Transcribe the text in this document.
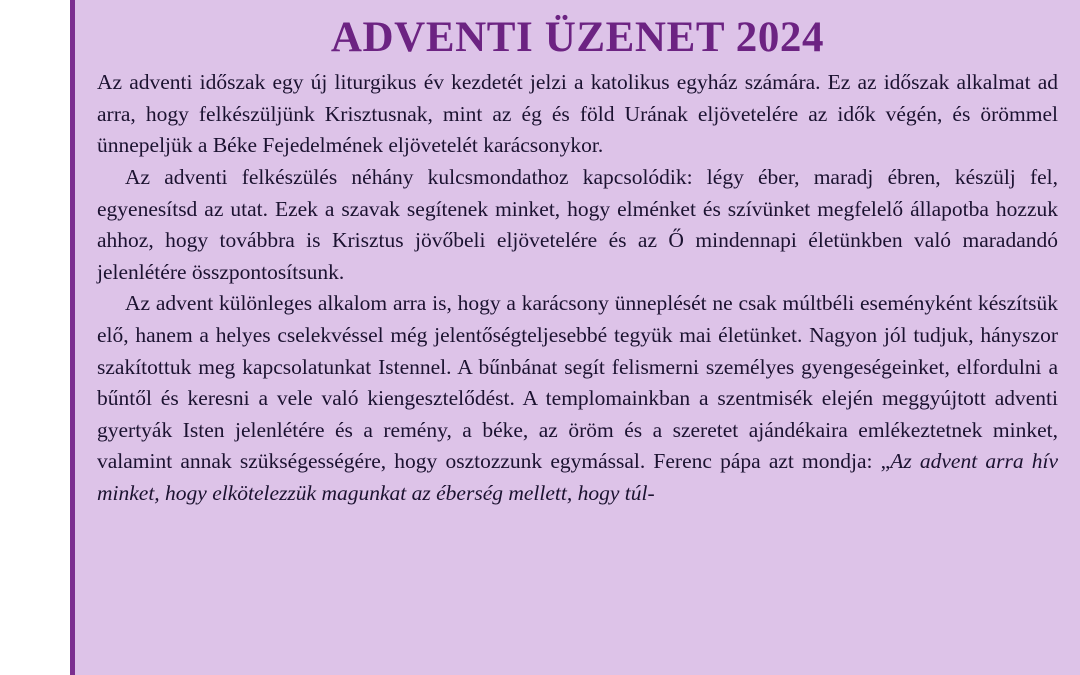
ADVENTI ÜZENET 2024

Az adventi időszak egy új liturgikus év kezdetét jelzi a katolikus egyház számára. Ez az időszak alkalmat ad arra, hogy felkészüljünk Krisztusnak, mint az ég és föld Urának eljövetelére az idők végén, és örömmel ünnepeljük a Béke Fejedelmének eljövetelét karácsonykor.

Az adventi felkészülés néhány kulcsmondathoz kapcsolódik: légy éber, maradj ébren, készülj fel, egyenesítsd az utat. Ezek a szavak segítenek minket, hogy elménket és szívünket megfelelő állapotba hozzuk ahhoz, hogy továbbra is Krisztus jövőbeli eljövetelére és az Ő mindennapi életünkben való maradandó jelenlétére összpontosítsunk.

Az advent különleges alkalom arra is, hogy a karácsony ünneplését ne csak múltbéli eseményként készítsük elő, hanem a helyes cselekvéssel még jelentőségteljesebbé tegyük mai életünket. Nagyon jól tudjuk, hányszor szakítottuk meg kapcsolatunkat Istennel. A bűnbánat segít felismerni személyes gyengeségeinket, elfordulni a bűntől és keresni a vele való kiengesztelődést. A templomainkban a szentmisék elején meggyújtott adventi gyertyák Isten jelenlétére és a remény, a béke, az öröm és a szeretet ajándékaira emlékeztetnek minket, valamint annak szükségességére, hogy osztozzunk egymással. Ferenc pápa azt mondja: „Az advent arra hív minket, hogy elkötelezzük magunkat az éberség mellett, hogy túl-
